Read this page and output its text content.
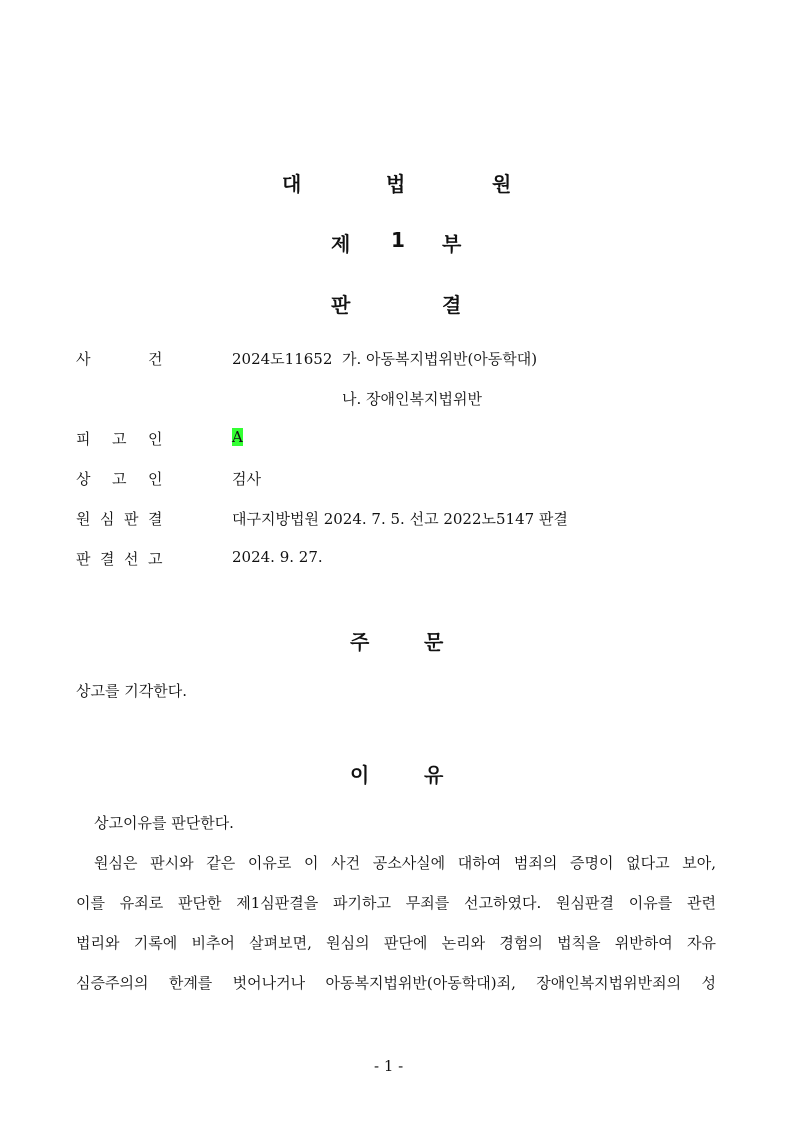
대	법	원
제 1 부
판	결
사	건	2024도11652 가. 아동복지법위반(아동학대)
나. 장애인복지법위반
피 고 인	A
상 고 인	검사
원 심 판 결	대구지방법원 2024. 7. 5. 선고 2022노5147 판결
판 결 선 고	2024. 9. 27.
주	문
상고를 기각한다.
이	유
상고이유를 판단한다.
원심은 판시와 같은 이유로 이 사건 공소사실에 대하여 범죄의 증명이 없다고 보아,
이를 유죄로 판단한 제1심판결을 파기하고 무죄를 선고하였다. 원심판결 이유를 관련
법리와 기록에 비추어 살펴보면, 원심의 판단에 논리와 경험의 법칙을 위반하여 자유
심증주의의 한계를 벗어나거나 아동복지법위반(아동학대)죄, 장애인복지법위반죄의 성
- 1 -
